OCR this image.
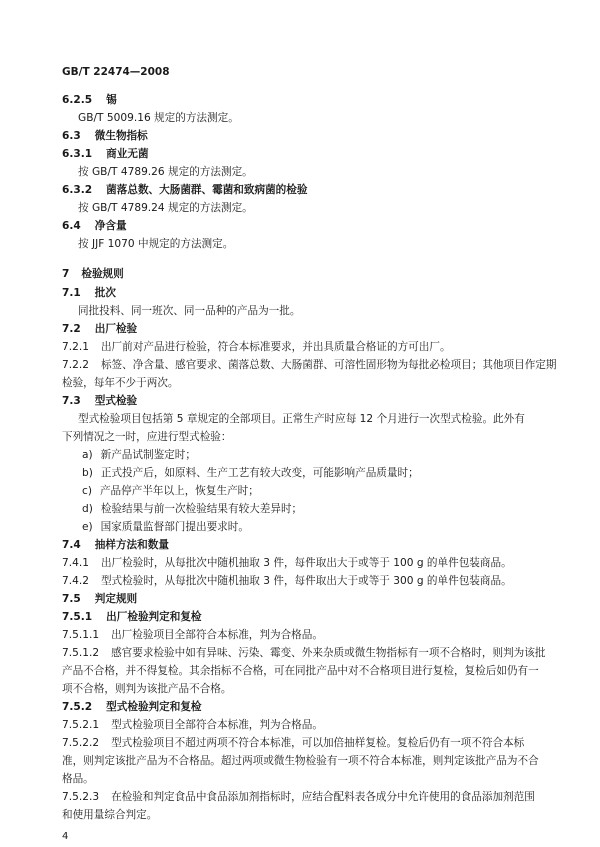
GB/T 22474—2008
6.2.5 锡
GB/T 5009.16 规定的方法测定。
6.3 微生物指标
6.3.1 商业无菌
按 GB/T 4789.26 规定的方法测定。
6.3.2 菌落总数、大肠菌群、霉菌和致病菌的检验
按 GB/T 4789.24 规定的方法测定。
6.4 净含量
按 JJF 1070 中规定的方法测定。
7 检验规则
7.1 批次
同批投料、同一班次、同一品种的产品为一批。
7.2 出厂检验
7.2.1 出厂前对产品进行检验，符合本标准要求，并出具质量合格证的方可出厂。
7.2.2 标签、净含量、感官要求、菌落总数、大肠菌群、可溶性固形物为每批必检项目；其他项目作定期
检验，每年不少于两次。
7.3 型式检验
型式检验项目包括第 5 章规定的全部项目。正常生产时应每 12 个月进行一次型式检验。此外有
下列情况之一时，应进行型式检验：
a) 新产品试制鉴定时；
b) 正式投产后，如原料、生产工艺有较大改变，可能影响产品质量时；
c) 产品停产半年以上，恢复生产时；
d) 检验结果与前一次检验结果有较大差异时；
e) 国家质量监督部门提出要求时。
7.4 抽样方法和数量
7.4.1 出厂检验时，从每批次中随机抽取 3 件，每件取出大于或等于 100 g 的单件包装商品。
7.4.2 型式检验时，从每批次中随机抽取 3 件，每件取出大于或等于 300 g 的单件包装商品。
7.5 判定规则
7.5.1 出厂检验判定和复检
7.5.1.1 出厂检验项目全部符合本标准，判为合格品。
7.5.1.2 感官要求检验中如有异味、污染、霉变、外来杂质或微生物指标有一项不合格时，则判为该批
产品不合格，并不得复检。其余指标不合格，可在同批产品中对不合格项目进行复检，复检后如仍有一
项不合格，则判为该批产品不合格。
7.5.2 型式检验判定和复检
7.5.2.1 型式检验项目全部符合本标准，判为合格品。
7.5.2.2 型式检验项目不超过两项不符合本标准，可以加倍抽样复检。复检后仍有一项不符合本标
准，则判定该批产品为不合格品。超过两项或微生物检验有一项不符合本标准，则判定该批产品为不合
格品。
7.5.2.3 在检验和判定食品中食品添加剂指标时，应结合配料表各成分中允许使用的食品添加剂范围
和使用量综合判定。
4
